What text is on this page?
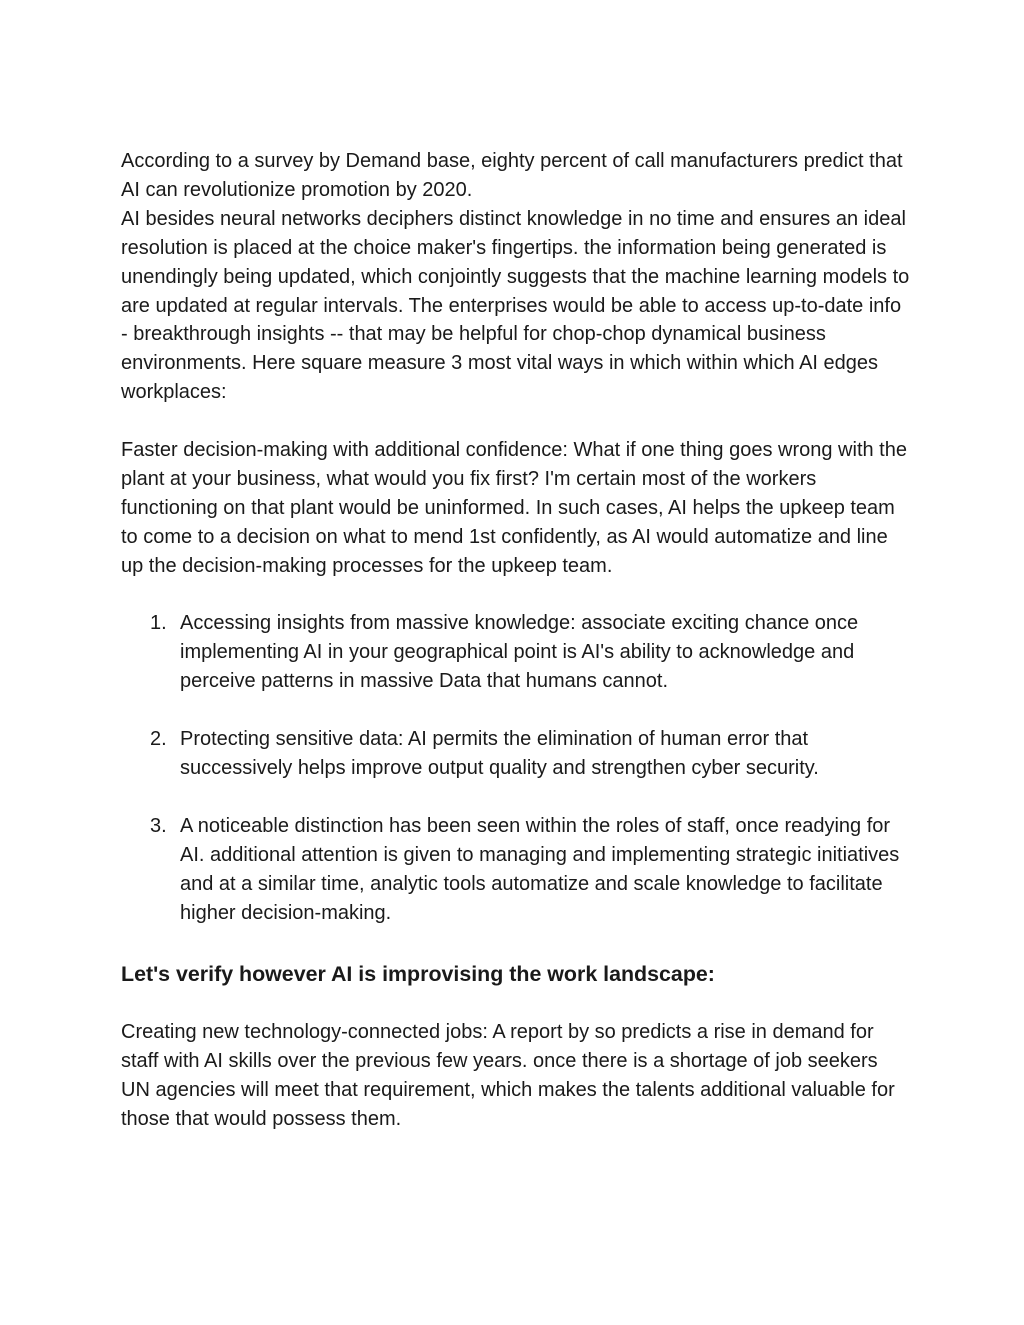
According to a survey by Demand base, eighty percent of call manufacturers predict that AI can revolutionize promotion by 2020.

AI besides neural networks deciphers distinct knowledge in no time and ensures an ideal resolution is placed at the choice maker's fingertips. the information being generated is unendingly being updated, which conjointly suggests that the machine learning models to are updated at regular intervals. The enterprises would be able to access up-to-date info - breakthrough insights -- that may be helpful for chop-chop dynamical business environments. Here square measure 3 most vital ways in which within which AI edges workplaces:

Faster decision-making with additional confidence: What if one thing goes wrong with the plant at your business, what would you fix first? I'm certain most of the workers functioning on that plant would be uninformed. In such cases, AI helps the upkeep team to come to a decision on what to mend 1st confidently, as AI would automatize and line up the decision-making processes for the upkeep team.

1. Accessing insights from massive knowledge: associate exciting chance once implementing AI in your geographical point is AI's ability to acknowledge and perceive patterns in massive Data that humans cannot.
2. Protecting sensitive data: AI permits the elimination of human error that successively helps improve output quality and strengthen cyber security.
3. A noticeable distinction has been seen within the roles of staff, once readying for AI. additional attention is given to managing and implementing strategic initiatives and at a similar time, analytic tools automatize and scale knowledge to facilitate higher decision-making.
Let's verify however AI is improvising the work landscape:

Creating new technology-connected jobs: A report by so predicts a rise in demand for staff with AI skills over the previous few years. once there is a shortage of job seekers UN agencies will meet that requirement, which makes the talents additional valuable for those that would possess them.
